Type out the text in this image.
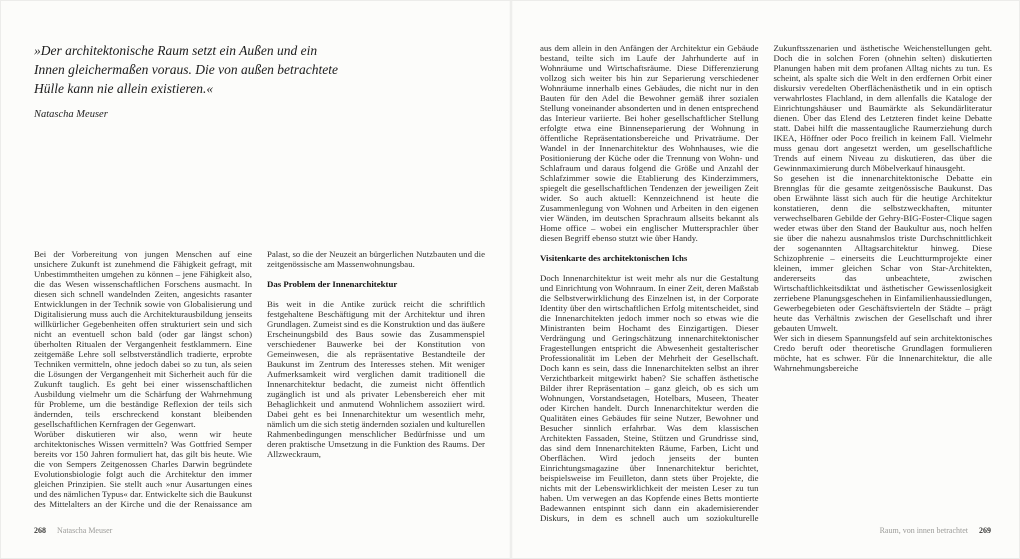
»Der architektonische Raum setzt ein Außen und ein Innen gleichermaßen voraus. Die von außen betrachtete Hülle kann nie allein existieren.«

Natascha Meuser

Bei der Vorbereitung von jungen Menschen auf eine unsichere Zukunft ist zunehmend die Fähigkeit gefragt, mit Unbestimmtheiten umgehen zu können – jene Fähigkeit also, die das Wesen wissenschaftlichen Forschens ausmacht. In diesen sich schnell wandelnden Zeiten, angesichts rasanter Entwicklungen in der Technik sowie von Globalisierung und Digitalisierung muss auch die Architekturausbildung jenseits willkürlicher Gegebenheiten offen strukturiert sein und sich nicht an eventuell schon bald (oder gar längst schon) überholten Ritualen der Vergangenheit festklammern. Eine zeitgemäße Lehre soll selbstverständlich tradierte, erprobte Techniken vermitteln, ohne jedoch dabei so zu tun, als seien die Lösungen der Vergangenheit mit Sicherheit auch für die Zukunft tauglich. Es geht bei einer wissenschaftlichen Ausbildung vielmehr um die Schärfung der Wahrnehmung für Probleme, um die beständige Reflexion der teils sich ändernden, teils erschreckend konstant bleibenden gesellschaftlichen Kernfragen der Gegenwart.

Worüber diskutieren wir also, wenn wir heute architektonisches Wissen vermitteln? Was Gottfried Semper bereits vor 150 Jahren formuliert hat, das gilt bis heute. Wie die von Sempers Zeitgenossen Charles Darwin begründete Evolutionsbiologie folgt auch die Architektur den immer gleichen Prinzipien. Sie stellt auch »nur Ausartungen eines und des nämlichen Typus« dar. Entwickelte sich die Baukunst des Mittelalters an der Kirche und die der Renaissance am Palast, so die der Neuzeit an bürgerlichen Nutzbauten und die zeitgenössische am Massenwohnungsbau.

Das Problem der Innenarchitektur

Bis weit in die Antike zurück reicht die schriftlich festgehaltene Beschäftigung mit der Architektur und ihren Grundlagen. Zumeist sind es die Konstruktion und das äußere Erscheinungsbild des Baus sowie das Zusammenspiel verschiedener Bauwerke bei der Konstitution von Gemeinwesen, die als repräsentative Bestandteile der Baukunst im Zentrum des Interesses stehen. Mit weniger Aufmerksamkeit wird verglichen damit traditionell die Innenarchitektur bedacht, die zumeist nicht öffentlich zugänglich ist und als privater Lebensbereich eher mit Behaglichkeit und anmutend Wohnlichem assoziiert wird. Dabei geht es bei Innenarchitektur um wesentlich mehr, nämlich um die sich stetig ändernden sozialen und kulturellen Rahmenbedingungen menschlicher Bedürfnisse und um deren praktische Umsetzung in die Funktion des Raums. Der Allzweckraum,

268 Natascha Meuser

aus dem allein in den Anfängen der Architektur ein Gebäude bestand, teilte sich im Laufe der Jahrhunderte auf in Wohnräume und Wirtschaftsräume. Diese Differenzierung vollzog sich weiter bis hin zur Separierung verschiedener Wohnräume innerhalb eines Gebäudes, die nicht nur in den Bauten für den Adel die Bewohner gemäß ihrer sozialen Stellung voneinander absonderten und in denen entsprechend das Interieur variierte. Bei hoher gesellschaftlicher Stellung erfolgte etwa eine Binnenseparierung der Wohnung in öffentliche Repräsentationsbereiche und Privaträume. Der Wandel in der Innenarchitektur des Wohnhauses, wie die Positionierung der Küche oder die Trennung von Wohn- und Schlafraum und daraus folgend die Größe und Anzahl der Schlafzimmer sowie die Etablierung des Kinderzimmers, spiegelt die gesellschaftlichen Tendenzen der jeweiligen Zeit wider. So auch aktuell: Kennzeichnend ist heute die Zusammenlegung von Wohnen und Arbeiten in den eigenen vier Wänden, im deutschen Sprachraum allseits bekannt als Home office – wobei ein englischer Muttersprachler über diesen Begriff ebenso stutzt wie über Handy.

Visitenkarte des architektonischen Ichs

Doch Innenarchitektur ist weit mehr als nur die Gestaltung und Einrichtung von Wohnraum. In einer Zeit, deren Maßstab die Selbstverwirklichung des Einzelnen ist, in der Corporate Identity über den wirtschaftlichen Erfolg mitentscheidet, sind die Innenarchitekten jedoch immer noch so etwas wie die Ministranten beim Hochamt des Einzigartigen. Dieser Verdrängung und Geringschätzung innenarchitektonischer Fragestellungen entspricht die Abwesenheit gestalterischer Professionalität im Leben der Mehrheit der Gesellschaft. Doch kann es sein, dass die Innenarchitekten selbst an ihrer Verzichtbarkeit mitgewirkt haben? Sie schaffen ästhetische Bilder ihrer Repräsentation – ganz gleich, ob es sich um Wohnungen, Vorstandsetagen, Hotelbars, Museen, Theater oder Kirchen handelt. Durch Innenarchitektur werden die Qualitäten eines Gebäudes für seine Nutzer, Bewohner und Besucher sinnlich erfahrbar. Was dem klassischen Architekten Fassaden, Steine, Stützen und Grundrisse sind, das sind dem Innenarchitekten Räume, Farben, Licht und Oberflächen. Wird jedoch jenseits der bunten Einrichtungsmagazine über Innenarchitektur berichtet, beispielsweise im Feuilleton, dann stets über Projekte, die nichts mit der Lebenswirklichkeit der meisten Leser zu tun haben. Um verwegen an das Kopfende eines Betts montierte Badewannen entspinnt sich dann ein akademisierender Diskurs, in dem es schnell auch um soziokulturelle Zukunftsszenarien und ästhetische Weichenstellungen geht. Doch die in solchen Foren (ohnehin selten) diskutierten Planungen haben mit dem profanen Alltag nichts zu tun. Es scheint, als spalte sich die Welt in den erdfernen Orbit einer diskursiv veredelten Oberflächenästhetik und in ein optisch verwahrlostes Flachland, in dem allenfalls die Kataloge der Einrichtungshäuser und Baumärkte als Sekundärliteratur dienen. Über das Elend des Letzteren findet keine Debatte statt. Dabei hilft die massentaugliche Raumerziehung durch IKEA, Höffner oder Poco freilich in keinem Fall. Vielmehr muss genau dort angesetzt werden, um gesellschaftliche Trends auf einem Niveau zu diskutieren, das über die Gewinnmaximierung durch Möbelverkauf hinausgeht.

So gesehen ist die innenarchitektonische Debatte ein Brennglas für die gesamte zeitgenössische Baukunst. Das oben Erwähnte lässt sich auch für die heutige Architektur konstatieren, denn die selbstzweckhaften, mitunter verwechselbaren Gebilde der Gehry-BIG-Foster-Clique sagen weder etwas über den Stand der Baukultur aus, noch helfen sie über die nahezu ausnahmslos triste Durchschnittlichkeit der sogenannten Alltagsarchitektur hinweg. Diese Schizophrenie – einerseits die Leuchtturmprojekte einer kleinen, immer gleichen Schar von Star-Architekten, andererseits das unbeachtete, zwischen Wirtschaftlichkeitsdiktat und ästhetischer Gewissenlosigkeit zerriebene Planungsgeschehen in Einfamilienhaussiedlungen, Gewerbegebieten oder Geschäftsvierteln der Städte – prägt heute das Verhältnis zwischen der Gesellschaft und ihrer gebauten Umwelt.

Wer sich in diesem Spannungsfeld auf sein architektonisches Credo beruft oder theoretische Grundlagen formulieren möchte, hat es schwer. Für die Innenarchitektur, die alle Wahrnehmungsbereiche

Raum, von innen betrachtet 269
